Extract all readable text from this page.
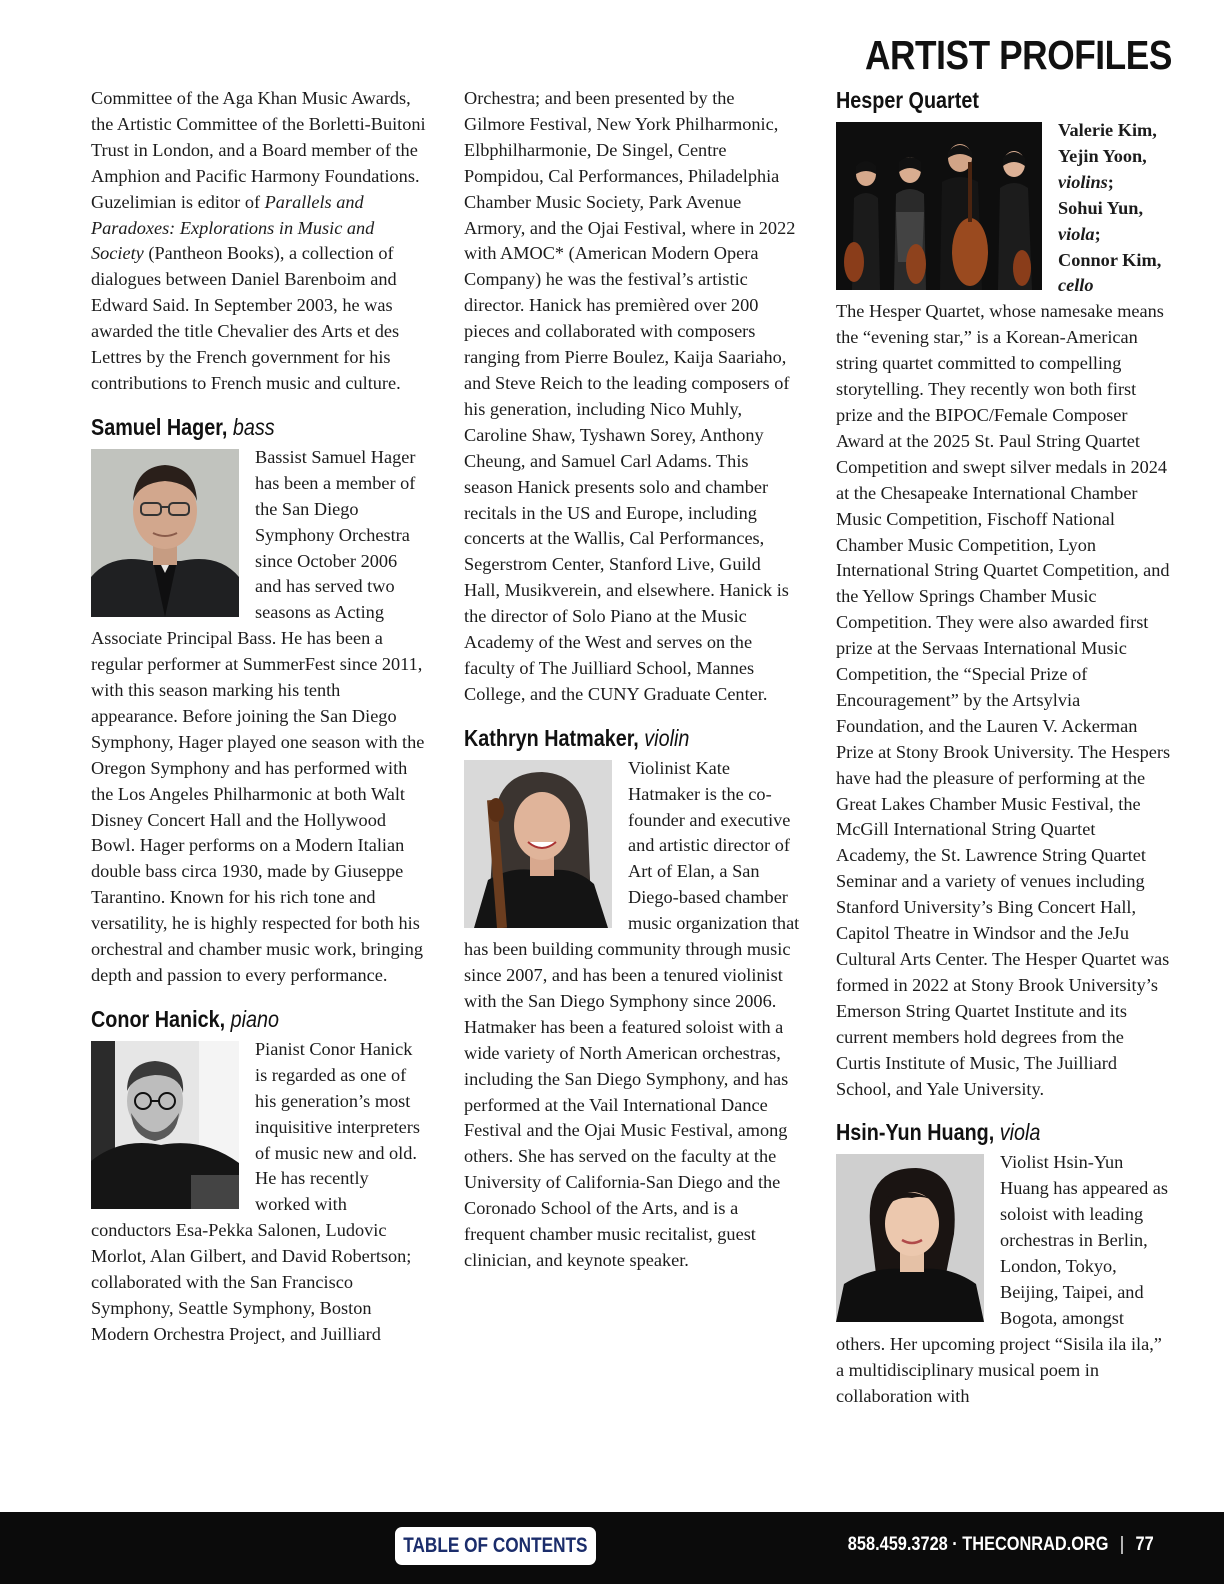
ARTIST PROFILES

Committee of the Aga Khan Music Awards, the Artistic Committee of the Borletti-Buitoni Trust in London, and a Board member of the Amphion and Pacific Harmony Foundations. Guzelimian is editor of Parallels and Paradoxes: Explorations in Music and Society (Pantheon Books), a collection of dialogues between Daniel Barenboim and Edward Said. In September 2003, he was awarded the title Chevalier des Arts et des Lettres by the French government for his contributions to French music and culture.

Samuel Hager, bass
Bassist Samuel Hager has been a member of the San Diego Symphony Orchestra since October 2006 and has served two seasons as Acting Associate Principal Bass. He has been a regular performer at SummerFest since 2011, with this season marking his tenth appearance. Before joining the San Diego Symphony, Hager played one season with the Oregon Symphony and has performed with the Los Angeles Philharmonic at both Walt Disney Concert Hall and the Hollywood Bowl. Hager performs on a Modern Italian double bass circa 1930, made by Giuseppe Tarantino. Known for his rich tone and versatility, he is highly respected for both his orchestral and chamber music work, bringing depth and passion to every performance.
Conor Hanick, piano
Pianist Conor Hanick is regarded as one of his generation’s most inquisitive interpreters of music new and old. He has recently worked with conductors Esa-Pekka Salonen, Ludovic Morlot, Alan Gilbert, and David Robertson; collaborated with the San Francisco Symphony, Seattle Symphony, Boston Modern Orchestra Project, and Juilliard

Orchestra; and been presented by the Gilmore Festival, New York Philharmonic, Elbphilharmonie, De Singel, Centre Pompidou, Cal Performances, Philadelphia Chamber Music Society, Park Avenue Armory, and the Ojai Festival, where in 2022 with AMOC* (American Modern Opera Company) he was the festival’s artistic director. Hanick has premièred over 200 pieces and collaborated with composers ranging from Pierre Boulez, Kaija Saariaho, and Steve Reich to the leading composers of his generation, including Nico Muhly, Caroline Shaw, Tyshawn Sorey, Anthony Cheung, and Samuel Carl Adams. This season Hanick presents solo and chamber recitals in the US and Europe, including concerts at the Wallis, Cal Performances, Segerstrom Center, Stanford Live, Guild Hall, Musikverein, and elsewhere. Hanick is the director of Solo Piano at the Music Academy of the West and serves on the faculty of The Juilliard School, Mannes College, and the CUNY Graduate Center.

Kathryn Hatmaker, violin
Violinist Kate Hatmaker is the co-founder and executive and artistic director of Art of Elan, a San Diego-based chamber music organization that has been building community through music since 2007, and has been a tenured violinist with the San Diego Symphony since 2006. Hatmaker has been a featured soloist with a wide variety of North American orchestras, including the San Diego Symphony, and has performed at the Vail International Dance Festival and the Ojai Music Festival, among others. She has served on the faculty at the University of California-San Diego and the Coronado School of the Arts, and is a frequent chamber music recitalist, guest clinician, and keynote speaker.
Hesper Quartet
Valerie Kim,
Yejin Yoon,
violins;
Sohui Yun,
viola;
Connor Kim,
cello
The Hesper Quartet, whose namesake means the “evening star,” is a Korean-American string quartet committed to compelling storytelling. They recently won both first prize and the BIPOC/Female Composer Award at the 2025 St. Paul String Quartet Competition and swept silver medals in 2024 at the Chesapeake International Chamber Music Competition, Fischoff National Chamber Music Competition, Lyon International String Quartet Competition, and the Yellow Springs Chamber Music Competition. They were also awarded first prize at the Servaas International Music Competition, the “Special Prize of Encouragement” by the Artsylvia Foundation, and the Lauren V. Ackerman Prize at Stony Brook University. The Hespers have had the pleasure of performing at the Great Lakes Chamber Music Festival, the McGill International String Quartet Academy, the St. Lawrence String Quartet Seminar and a variety of venues including Stanford University’s Bing Concert Hall, Capitol Theatre in Windsor and the JeJu Cultural Arts Center. The Hesper Quartet was formed in 2022 at Stony Brook University’s Emerson String Quartet Institute and its current members hold degrees from the Curtis Institute of Music, The Juilliard School, and Yale University.
Hsin-Yun Huang, viola
Violist Hsin-Yun Huang has appeared as soloist with leading orchestras in Berlin, London, Tokyo, Beijing, Taipei, and Bogota, amongst others. Her upcoming project “Sisila ila ila,” a multidisciplinary musical poem in collaboration with
TABLE OF CONTENTS	858.459.3728 · THECONRAD.ORG | 77
